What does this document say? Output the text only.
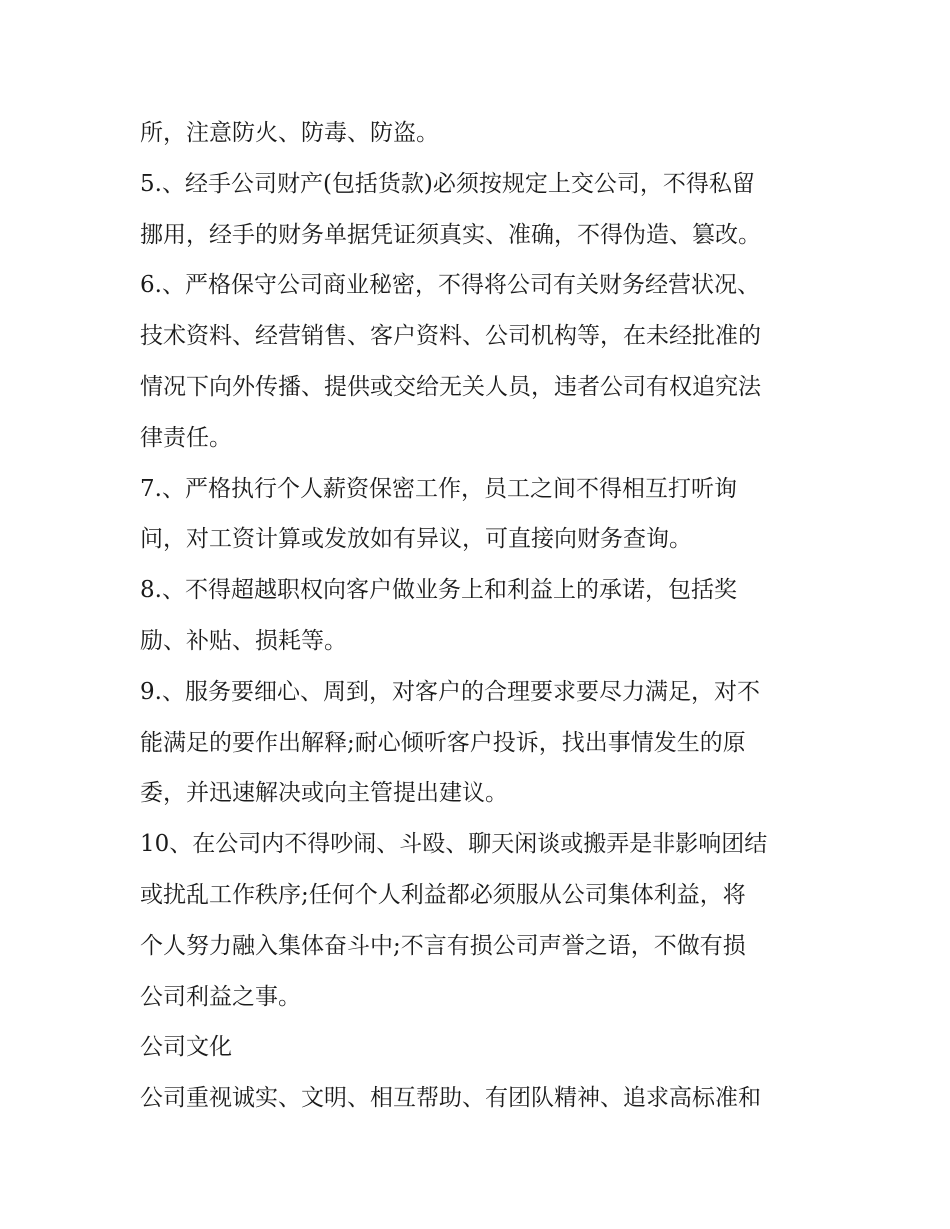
所，注意防火、防毒、防盗。
5.、经手公司财产(包括货款)必须按规定上交公司，不得私留
挪用，经手的财务单据凭证须真实、准确，不得伪造、篡改。
6.、严格保守公司商业秘密，不得将公司有关财务经营状况、
技术资料、经营销售、客户资料、公司机构等，在未经批准的
情况下向外传播、提供或交给无关人员，违者公司有权追究法
律责任。
7.、严格执行个人薪资保密工作，员工之间不得相互打听询
问，对工资计算或发放如有异议，可直接向财务查询。
8.、不得超越职权向客户做业务上和利益上的承诺，包括奖
励、补贴、损耗等。
9.、服务要细心、周到，对客户的合理要求要尽力满足，对不
能满足的要作出解释;耐心倾听客户投诉，找出事情发生的原
委，并迅速解决或向主管提出建议。
10、在公司内不得吵闹、斗殴、聊天闲谈或搬弄是非影响团结
或扰乱工作秩序;任何个人利益都必须服从公司集体利益，将
个人努力融入集体奋斗中;不言有损公司声誉之语，不做有损
公司利益之事。
公司文化
公司重视诚实、文明、相互帮助、有团队精神、追求高标准和
